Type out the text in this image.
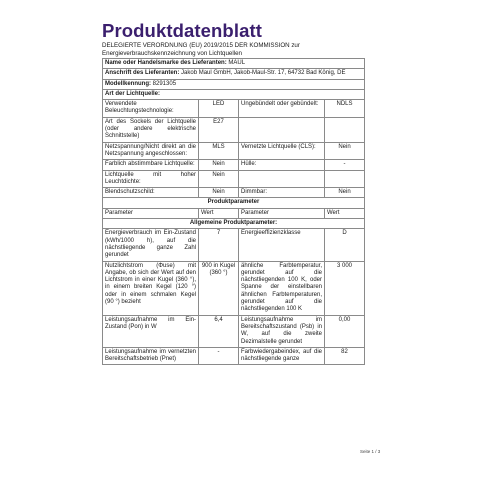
Produktdatenblatt
DELEGIERTE VERORDNUNG (EU) 2019/2015 DER KOMMISSION zur Energieverbrauchskennzeichnung von Lichtquellen
Name oder Handelsmarke des Lieferanten: MAUL			
Anschrift des Lieferanten: Jakob Maul GmbH, Jakob-Maul-Str. 17, 64732 Bad König, DE			
Modellkennung: 8291305			
Art der Lichtquelle:			
Verwendete Beleuchtungstechnologie:	LED	Ungebündelt oder gebündelt:	NDLS
Art des Sockels der Lichtquelle (oder andere elektrische Schnittstelle)	E27		
Netzspannung/Nicht direkt an die Netzspannung angeschlossen:	MLS	Vernetzte Lichtquelle (CLS):	Nein
Farblich abstimmbare Lichtquelle:	Nein	Hülle:	-
Lichtquelle mit hoher Leuchtdichte:	Nein		
Blendschutzschild:	Nein	Dimmbar:	Nein
Produktparameter			
Parameter	Wert	Parameter	Wert
Allgemeine Produktparameter:			
Energieverbrauch im Ein-Zustand (kWh/1000 h), auf die nächstliegende ganze Zahl gerundet	7	Energieeffizienzklasse	D
Nutzlichtstrom (Φuse) mit Angabe, ob sich der Wert auf den Lichtstrom in einer Kugel (360 °), in einem breiten Kegel (120 °) oder in einem schmalen Kegel (90 °) bezieht	900 in Kugel (360 °)	ähnliche Farbtemperatur, gerundet auf die nächstliegenden 100 K, oder Spanne der einstellbaren ähnlichen Farbtemperaturen, gerundet auf die nächstliegenden 100 K	3 000
Leistungsaufnahme im Ein-Zustand (Pon) in W	6,4	Leistungsaufnahme im Bereitschaftszustand (Psb) in W, auf die zweite Dezimalstelle gerundet	0,00
Leistungsaufnahme im vernetzten Bereitschaftsbetrieb (Pnet)	-	Farbwiedergabeindex, auf die nächstliegende ganze	82
Seite 1 / 3
